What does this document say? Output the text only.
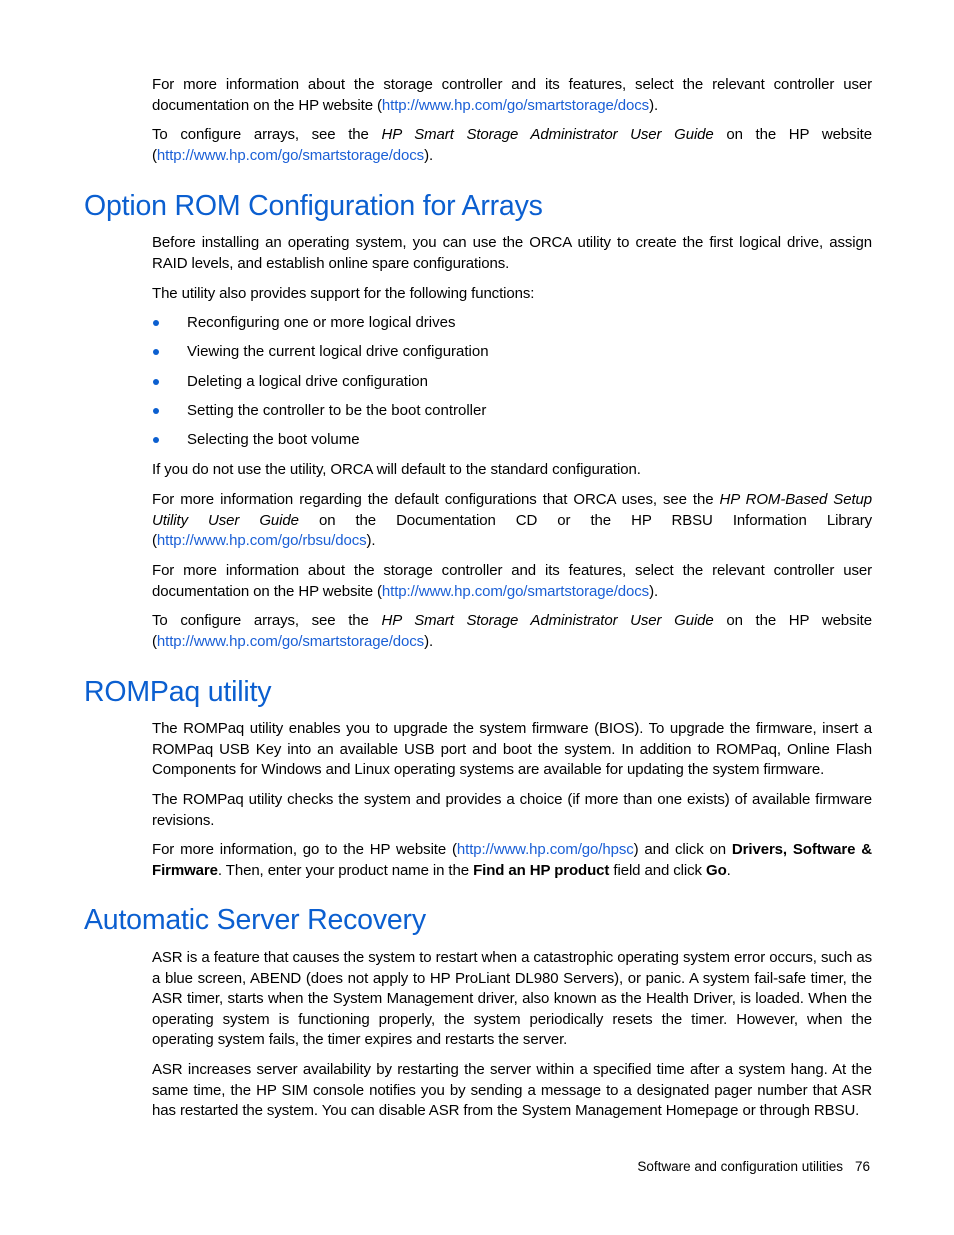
For more information about the storage controller and its features, select the relevant controller user documentation on the HP website (http://www.hp.com/go/smartstorage/docs).

To configure arrays, see the HP Smart Storage Administrator User Guide on the HP website (http://www.hp.com/go/smartstorage/docs).

Option ROM Configuration for Arrays

Before installing an operating system, you can use the ORCA utility to create the first logical drive, assign RAID levels, and establish online spare configurations.

The utility also provides support for the following functions:

Reconfiguring one or more logical drives
Viewing the current logical drive configuration
Deleting a logical drive configuration
Setting the controller to be the boot controller
Selecting the boot volume

If you do not use the utility, ORCA will default to the standard configuration.

For more information regarding the default configurations that ORCA uses, see the HP ROM-Based Setup Utility User Guide on the Documentation CD or the HP RBSU Information Library (http://www.hp.com/go/rbsu/docs).

For more information about the storage controller and its features, select the relevant controller user documentation on the HP website (http://www.hp.com/go/smartstorage/docs).

To configure arrays, see the HP Smart Storage Administrator User Guide on the HP website (http://www.hp.com/go/smartstorage/docs).

ROMPaq utility

The ROMPaq utility enables you to upgrade the system firmware (BIOS). To upgrade the firmware, insert a ROMPaq USB Key into an available USB port and boot the system. In addition to ROMPaq, Online Flash Components for Windows and Linux operating systems are available for updating the system firmware.

The ROMPaq utility checks the system and provides a choice (if more than one exists) of available firmware revisions.

For more information, go to the HP website (http://www.hp.com/go/hpsc) and click on Drivers, Software & Firmware. Then, enter your product name in the Find an HP product field and click Go.

Automatic Server Recovery

ASR is a feature that causes the system to restart when a catastrophic operating system error occurs, such as a blue screen, ABEND (does not apply to HP ProLiant DL980 Servers), or panic. A system fail-safe timer, the ASR timer, starts when the System Management driver, also known as the Health Driver, is loaded. When the operating system is functioning properly, the system periodically resets the timer. However, when the operating system fails, the timer expires and restarts the server.

ASR increases server availability by restarting the server within a specified time after a system hang. At the same time, the HP SIM console notifies you by sending a message to a designated pager number that ASR has restarted the system. You can disable ASR from the System Management Homepage or through RBSU.

Software and configuration utilities 76
